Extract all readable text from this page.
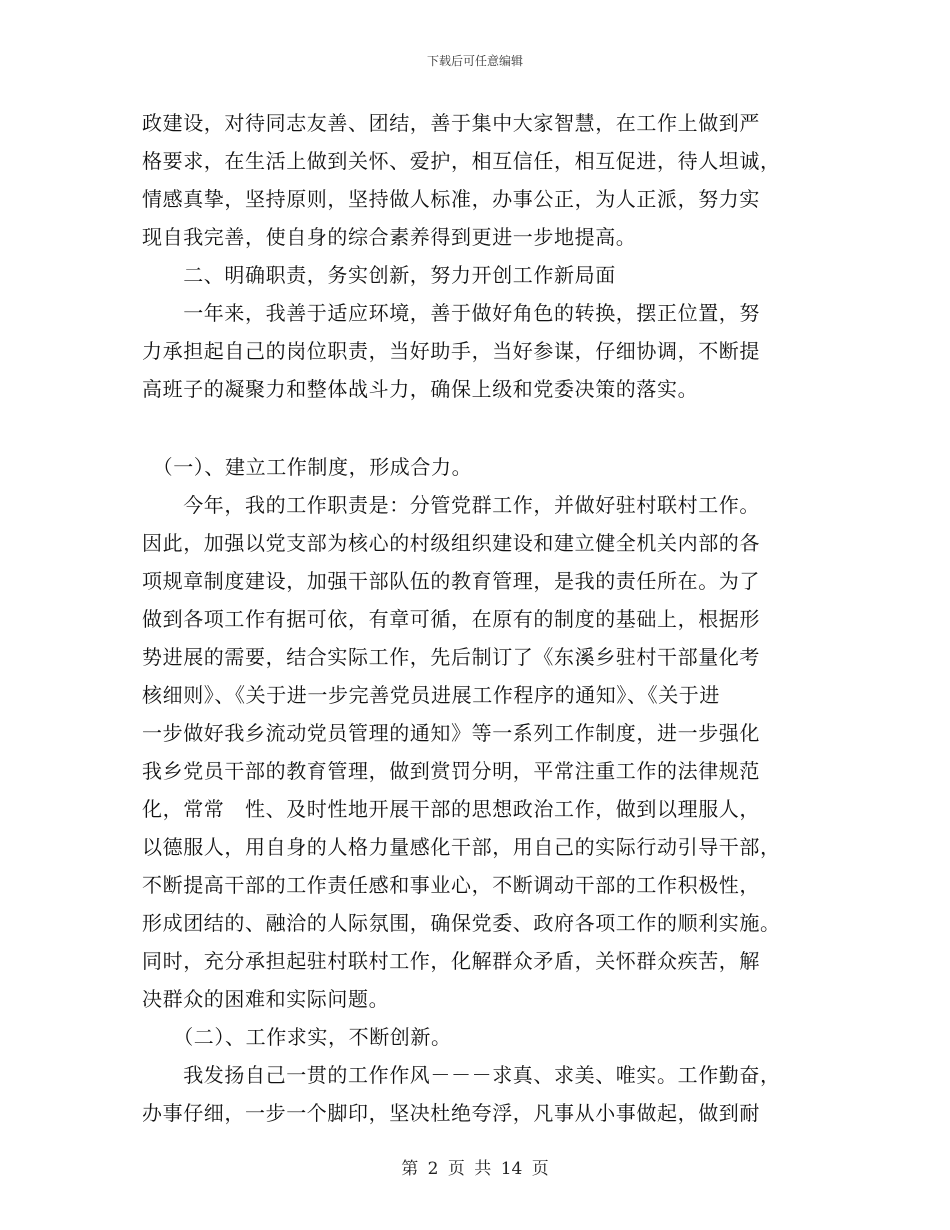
下载后可任意编辑
政建设，对待同志友善、团结，善于集中大家智慧，在工作上做到严
格要求，在生活上做到关怀、爱护，相互信任，相互促进，待人坦诚，
情感真挚，坚持原则，坚持做人标准，办事公正，为人正派，努力实
现自我完善，使自身的综合素养得到更进一步地提高。
　　二、明确职责，务实创新，努力开创工作新局面
　　一年来，我善于适应环境，善于做好角色的转换，摆正位置，努
力承担起自己的岗位职责，当好助手，当好参谋，仔细协调，不断提
高班子的凝聚力和整体战斗力，确保上级和党委决策的落实。
　（一）、建立工作制度，形成合力。
　　今年，我的工作职责是：分管党群工作，并做好驻村联村工作。
因此，加强以党支部为核心的村级组织建设和建立健全机关内部的各
项规章制度建设，加强干部队伍的教育管理，是我的责任所在。为了
做到各项工作有据可依，有章可循，在原有的制度的基础上，根据形
势进展的需要，结合实际工作，先后制订了《东溪乡驻村干部量化考
核细则》、《关于进一步完善党员进展工作程序的通知》、《关于进
一步做好我乡流动党员管理的通知》等一系列工作制度，进一步强化
我乡党员干部的教育管理，做到赏罚分明，平常注重工作的法律规范
化，常常　性、及时性地开展干部的思想政治工作，做到以理服人，
以德服人，用自身的人格力量感化干部，用自己的实际行动引导干部，
不断提高干部的工作责任感和事业心，不断调动干部的工作积极性，
形成团结的、融洽的人际氛围，确保党委、政府各项工作的顺利实施。
同时，充分承担起驻村联村工作，化解群众矛盾，关怀群众疾苦，解
决群众的困难和实际问题。
　　（二）、工作求实，不断创新。
　　我发扬自己一贯的工作作风－－－求真、求美、唯实。工作勤奋，
办事仔细，一步一个脚印，坚决杜绝夸浮，凡事从小事做起，做到耐
第 2 页 共 14 页
